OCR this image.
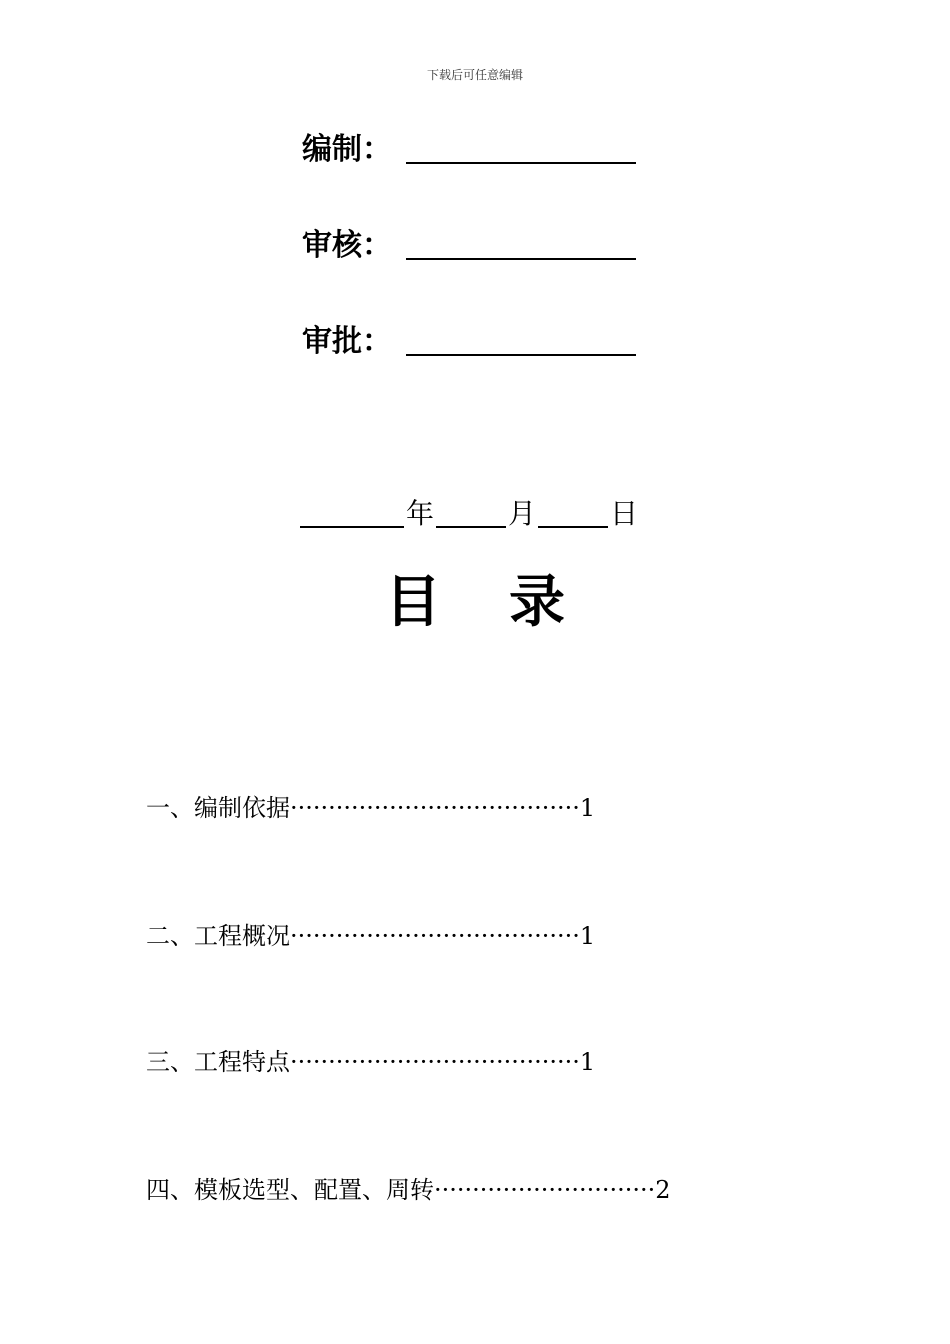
下载后可任意编辑
编制：
审核：
审批：
年	月	日
目录
一、编制依据······································1
二、工程概况······································1
三、工程特点······································1
四、模板选型、配置、周转·····························2
